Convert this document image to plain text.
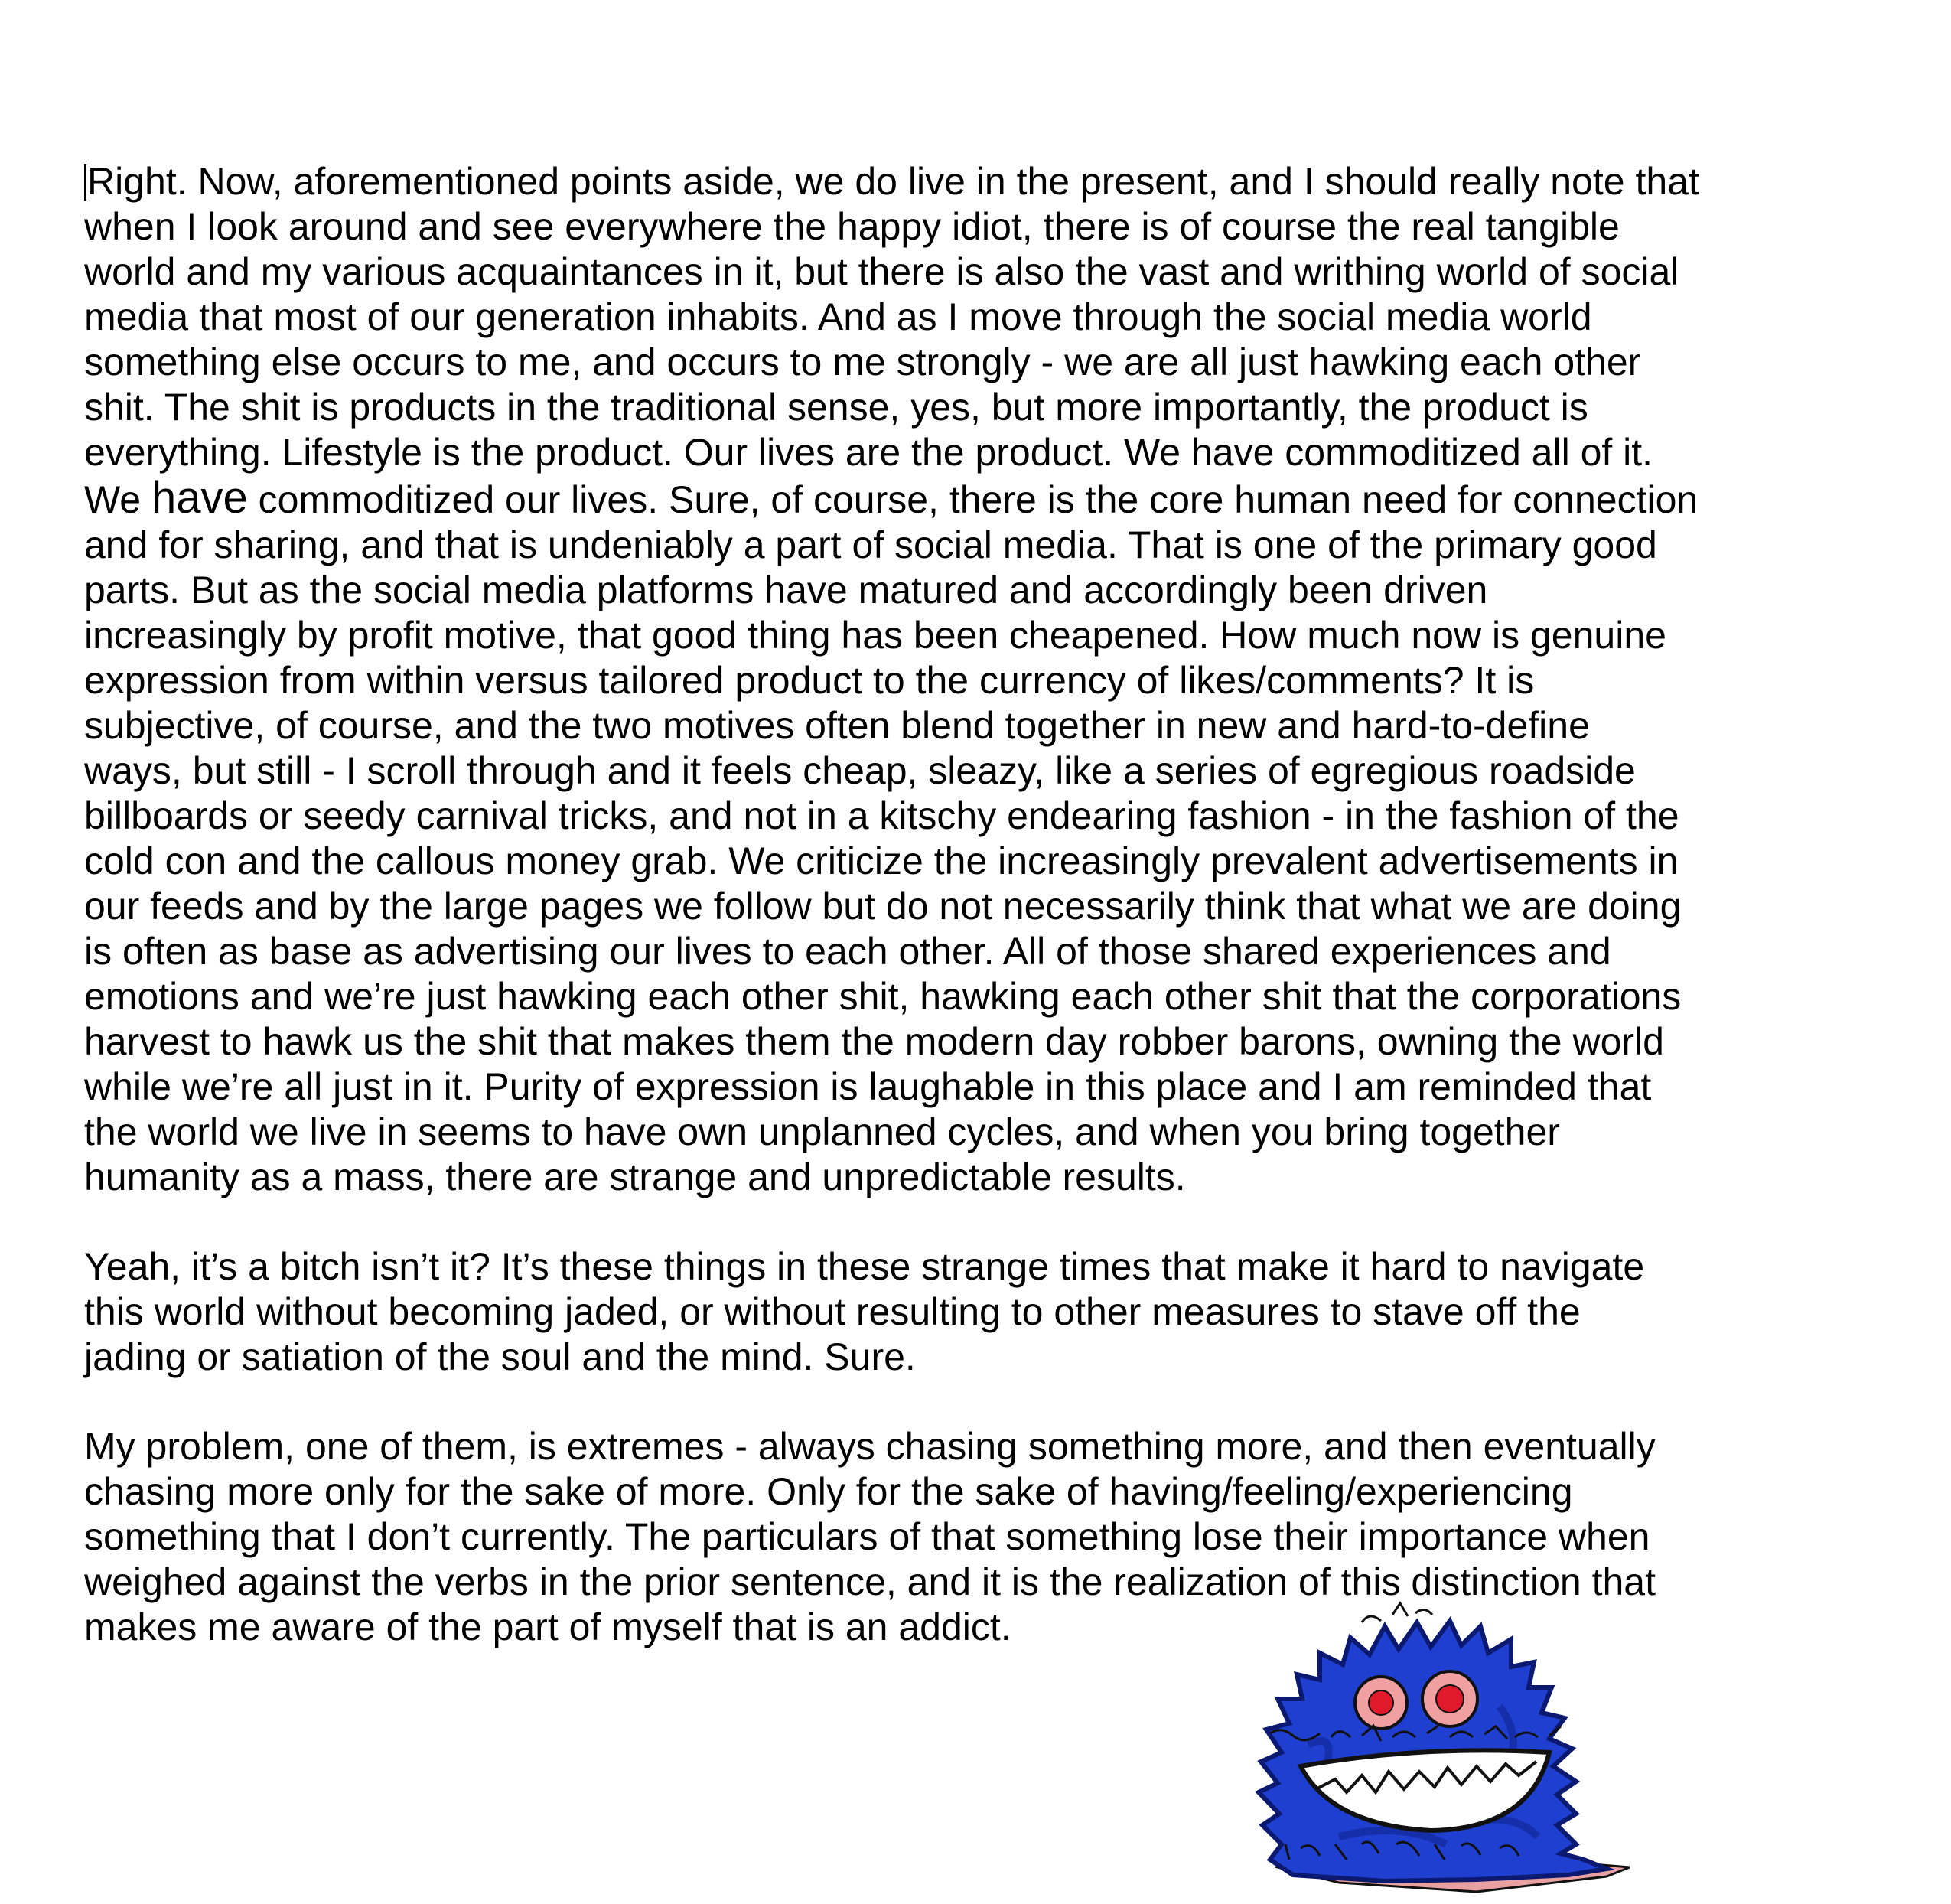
Right. Now, aforementioned points aside, we do live in the present, and I should really note that
when I look around and see everywhere the happy idiot, there is of course the real tangible
world and my various acquaintances in it, but there is also the vast and writhing world of social
media that most of our generation inhabits. And as I move through the social media world
something else occurs to me, and occurs to me strongly - we are all just hawking each other
shit. The shit is products in the traditional sense, yes, but more importantly, the product is
everything. Lifestyle is the product. Our lives are the product. We have commoditized all of it.
We have commoditized our lives. Sure, of course, there is the core human need for connection
and for sharing, and that is undeniably a part of social media. That is one of the primary good
parts. But as the social media platforms have matured and accordingly been driven
increasingly by profit motive, that good thing has been cheapened. How much now is genuine
expression from within versus tailored product to the currency of likes/comments? It is
subjective, of course, and the two motives often blend together in new and hard-to-define
ways, but still - I scroll through and it feels cheap, sleazy, like a series of egregious roadside
billboards or seedy carnival tricks, and not in a kitschy endearing fashion - in the fashion of the
cold con and the callous money grab. We criticize the increasingly prevalent advertisements in
our feeds and by the large pages we follow but do not necessarily think that what we are doing
is often as base as advertising our lives to each other. All of those shared experiences and
emotions and we’re just hawking each other shit, hawking each other shit that the corporations
harvest to hawk us the shit that makes them the modern day robber barons, owning the world
while we’re all just in it. Purity of expression is laughable in this place and I am reminded that
the world we live in seems to have own unplanned cycles, and when you bring together
humanity as a mass, there are strange and unpredictable results.
Yeah, it’s a bitch isn’t it? It’s these things in these strange times that make it hard to navigate
this world without becoming jaded, or without resulting to other measures to stave off the
jading or satiation of the soul and the mind. Sure.
My problem, one of them, is extremes - always chasing something more, and then eventually
chasing more only for the sake of more. Only for the sake of having/feeling/experiencing
something that I don’t currently. The particulars of that something lose their importance when
weighed against the verbs in the prior sentence, and it is the realization of this distinction that
makes me aware of the part of myself that is an addict.
